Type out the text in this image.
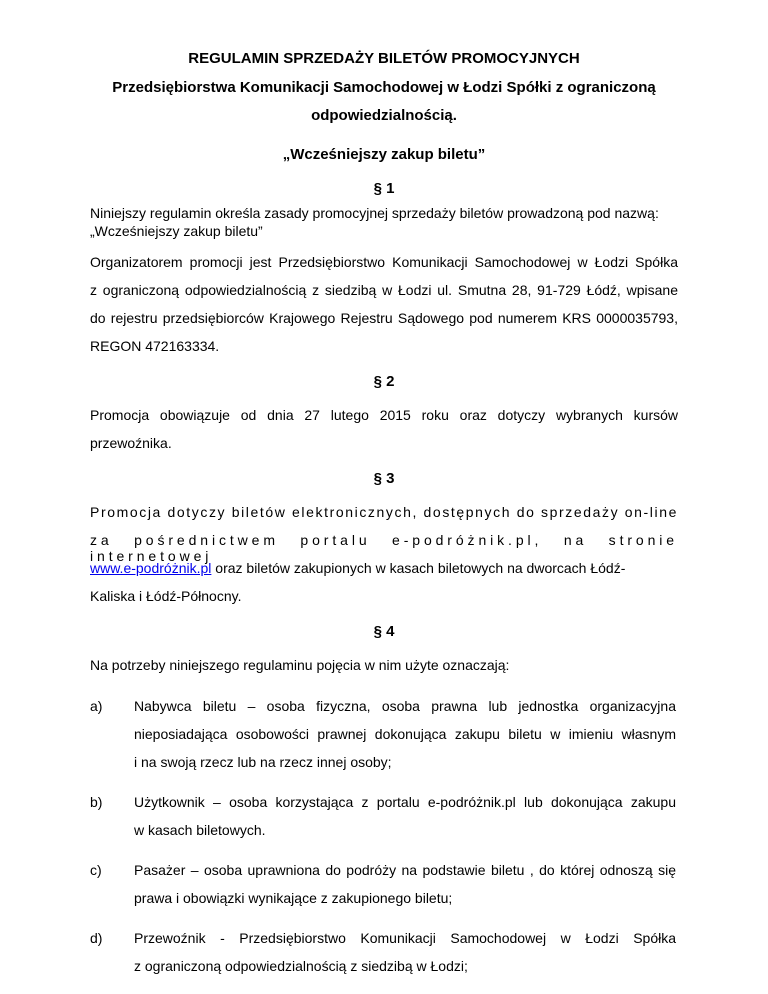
REGULAMIN SPRZEDAŻY BILETÓW PROMOCYJNYCH
Przedsiębiorstwa Komunikacji Samochodowej w Łodzi Spółki z ograniczoną
odpowiedzialnością.
„Wcześniejszy zakup biletu”
§ 1
Niniejszy regulamin określa zasady promocyjnej sprzedaży biletów prowadzoną pod nazwą:
„Wcześniejszy zakup biletu”
Organizatorem promocji jest Przedsiębiorstwo Komunikacji Samochodowej w Łodzi Spółka
z ograniczoną odpowiedzialnością z siedzibą w Łodzi ul. Smutna 28, 91-729 Łódź, wpisane
do rejestru przedsiębiorców Krajowego Rejestru Sądowego pod numerem KRS 0000035793,
REGON 472163334.
§ 2
Promocja obowiązuje od dnia 27 lutego 2015 roku oraz dotyczy wybranych kursów
przewoźnika.
§ 3
Promocja dotyczy biletów elektronicznych, dostępnych do sprzedaży on-line
za pośrednictwem portalu e-podróżnik.pl, na stronie internetowej
www.e-podróżnik.pl oraz biletów zakupionych w kasach biletowych na dworcach Łódź-
Kaliska i Łódź-Północny.
§ 4
Na potrzeby niniejszego regulaminu pojęcia w nim użyte oznaczają:
a) Nabywca biletu – osoba fizyczna, osoba prawna lub jednostka organizacyjna
nieposiadająca osobowości prawnej dokonująca zakupu biletu w imieniu własnym
i na swoją rzecz lub na rzecz innej osoby;
b) Użytkownik – osoba korzystająca z portalu e-podróżnik.pl lub dokonująca zakupu
w kasach biletowych.
c) Pasażer – osoba uprawniona do podróży na podstawie biletu , do której odnoszą się
prawa i obowiązki wynikające z zakupionego biletu;
d) Przewoźnik - Przedsiębiorstwo Komunikacji Samochodowej w Łodzi Spółka
z ograniczoną odpowiedzialnością z siedzibą w Łodzi;
